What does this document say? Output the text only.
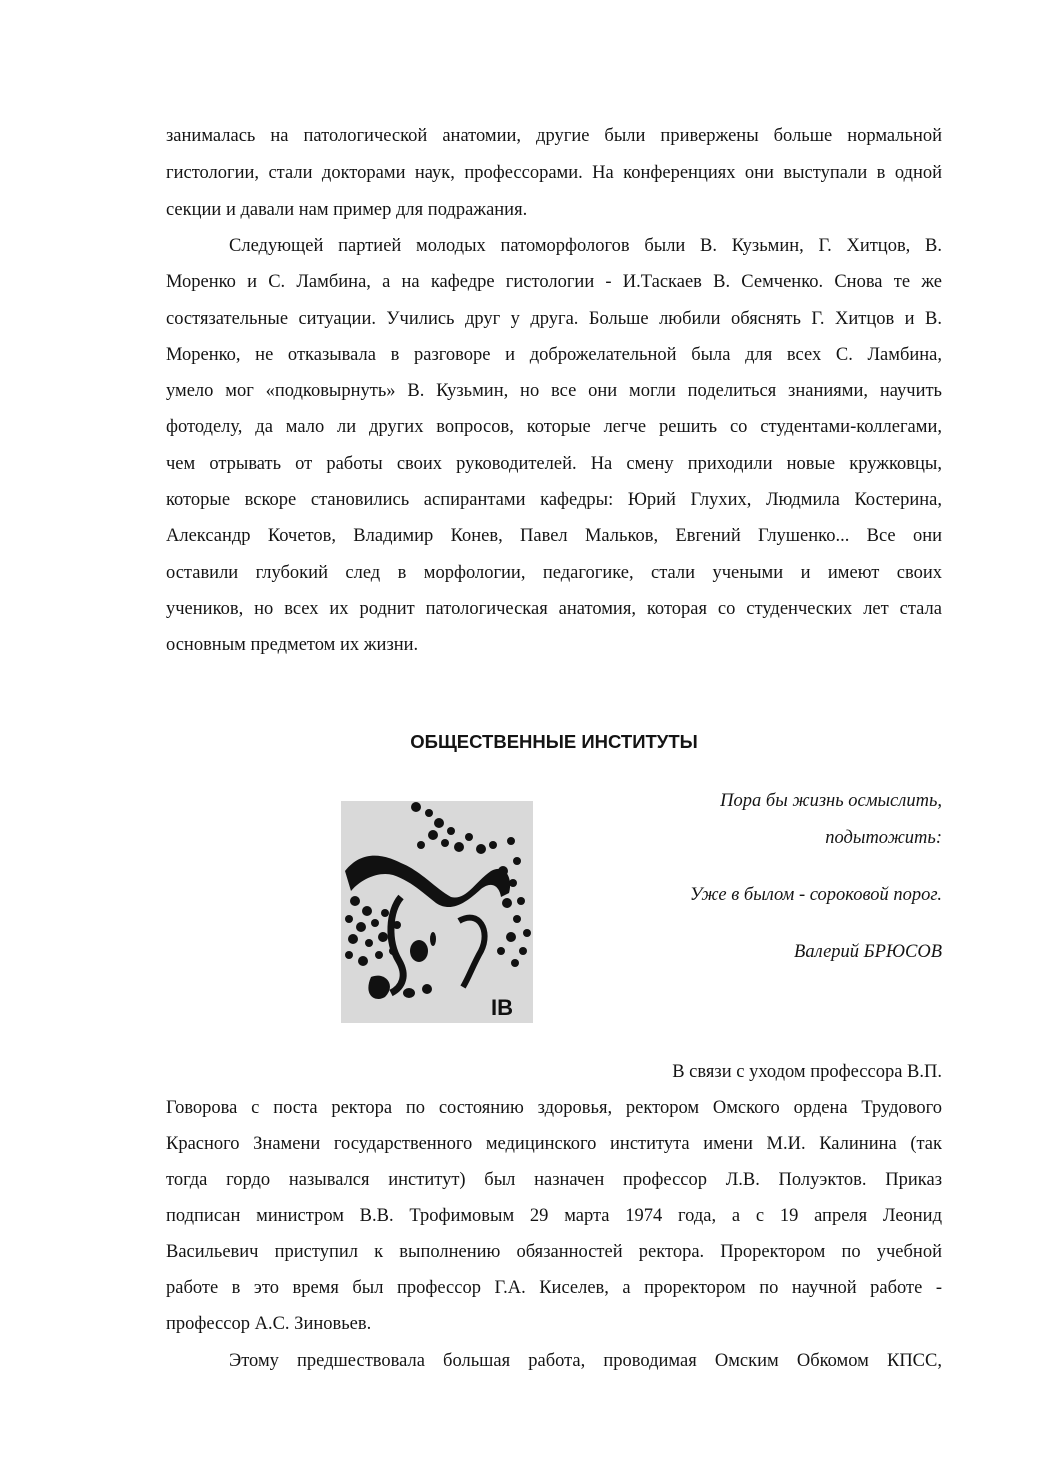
занималась на патологической анатомии, другие были привержены больше нормальной
гистологии, стали докторами наук, профессорами. На конференциях они выступали в одной
секции и давали нам пример для подражания.
Следующей партией молодых патоморфологов были В. Кузьмин, Г. Хитцов, В.
Моренко и С. Ламбина, а на кафедре гистологии - И.Таскаев В. Семченко. Снова те же
состязательные ситуации. Учились друг у друга. Больше любили обяснять Г. Хитцов и В.
Моренко, не отказывала в разговоре и доброжелательной была для всех С. Ламбина,
умело мог «подковырнуть» В. Кузьмин, но все они могли поделиться знаниями, научить
фотоделу, да мало ли других вопросов, которые легче решить со студентами-коллегами,
чем отрывать от работы своих руководителей. На смену приходили новые кружковцы,
которые вскоре становились аспирантами кафедры: Юрий Глухих, Людмила Костерина,
Александр Кочетов, Владимир Конев, Павел Мальков, Евгений Глушенко... Все они
оставили глубокий след в морфологии, педагогике, стали учеными и имеют своих
учеников, но всех их роднит патологическая анатомия, которая со студенческих лет стала
основным предметом их жизни.
ОБЩЕСТВЕННЫЕ ИНСТИТУТЫ
ІВ
Пора бы жизнь осмыслить,
подытожить:
Уже в былом - сороковой порог.
Валерий БРЮСОВ
В связи с уходом профессора В.П.
Говорова с поста ректора по состоянию здоровья, ректором Омского ордена Трудового
Красного Знамени государственного медицинского института имени М.И. Калинина (так
тогда гордо назывался институт) был назначен профессор Л.В. Полуэктов. Приказ
подписан министром В.В. Трофимовым 29 марта 1974 года, а с 19 апреля Леонид
Васильевич приступил к выполнению обязанностей ректора. Проректором по учебной
работе в это время был профессор Г.А. Киселев, а проректором по научной работе -
профессор А.С. Зиновьев.
Этому предшествовала большая работа, проводимая Омским Обкомом КПСС,
